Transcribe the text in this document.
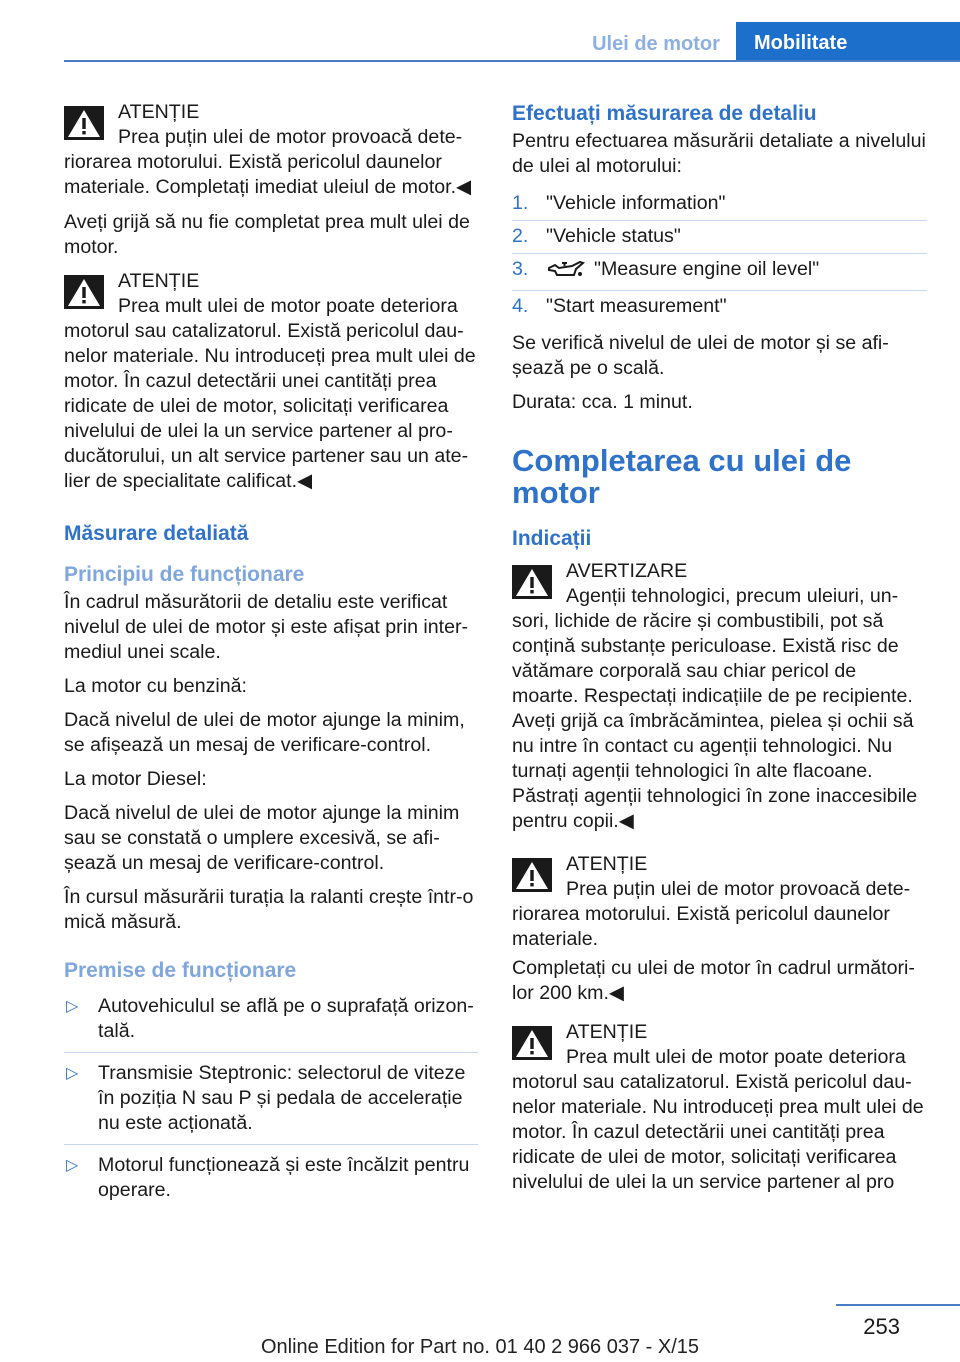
Ulei de motor	Mobilitate
ATENȚIE
Prea puțin ulei de motor provoacă deteriorarea motorului. Există pericolul daunelor materiale. Completați imediat uleiul de motor.◀

Aveți grijă să nu fie completat prea mult ulei de motor.

ATENȚIE
Prea mult ulei de motor poate deteriora motorul sau catalizatorul. Există pericolul daunelor materiale. Nu introduceți prea mult ulei de motor. În cazul detectării unei cantități prea ridicate de ulei de motor, solicitați verificarea nivelului de ulei la un service partener al producătorului, un alt service partener sau un atelier de specialitate calificat.◀
Măsurare detaliată
Principiu de funcționare

În cadrul măsurătorii de detaliu este verificat nivelul de ulei de motor și este afișat prin intermediul unei scale.

La motor cu benzină:

Dacă nivelul de ulei de motor ajunge la minim, se afișează un mesaj de verificare-control.

La motor Diesel:

Dacă nivelul de ulei de motor ajunge la minim sau se constată o umplere excesivă, se afișează un mesaj de verificare-control.

În cursul măsurării turația la ralanti crește într-o mică măsură.

Premise de funcționare
▷ Autovehiculul se află pe o suprafață orizontală.
▷ Transmisie Steptronic: selectorul de viteze în poziția N sau P și pedala de accelerație nu este acționată.
▷ Motorul funcționează și este încălzit pentru operare.
Efectuați măsurarea de detaliu

Pentru efectuarea măsurării detaliate a nivelului de ulei al motorului:

1. "Vehicle information"
2. "Vehicle status"
3.	"Measure engine oil level"
4. "Start measurement"

Se verifică nivelul de ulei de motor și se afișează pe o scală.

Durata: cca. 1 minut.

Completarea cu ulei de motor
Indicații
AVERTIZARE
Agenții tehnologici, precum uleiuri, unsori, lichide de răcire și combustibili, pot să conțină substanțe periculoase. Există risc de vătămare corporală sau chiar pericol de moarte. Respectați indicațiile de pe recipiente. Aveți grijă ca îmbrăcămintea, pielea și ochii să nu intre în contact cu agenții tehnologici. Nu turnați agenții tehnologici în alte flacoane. Păstrați agenții tehnologici în zone inaccesibile pentru copii.◀
ATENȚIE
Prea puțin ulei de motor provoacă deteriorarea motorului. Există pericolul daunelor materiale.

Completați cu ulei de motor în cadrul următorilor 200 km.◀

ATENȚIE
Prea mult ulei de motor poate deteriora motorul sau catalizatorul. Există pericolul daunelor materiale. Nu introduceți prea mult ulei de motor. În cazul detectării unei cantități prea ridicate de ulei de motor, solicitați verificarea nivelului de ulei la un service partener al pro
253
Online Edition for Part no. 01 40 2 966 037 - X/15
